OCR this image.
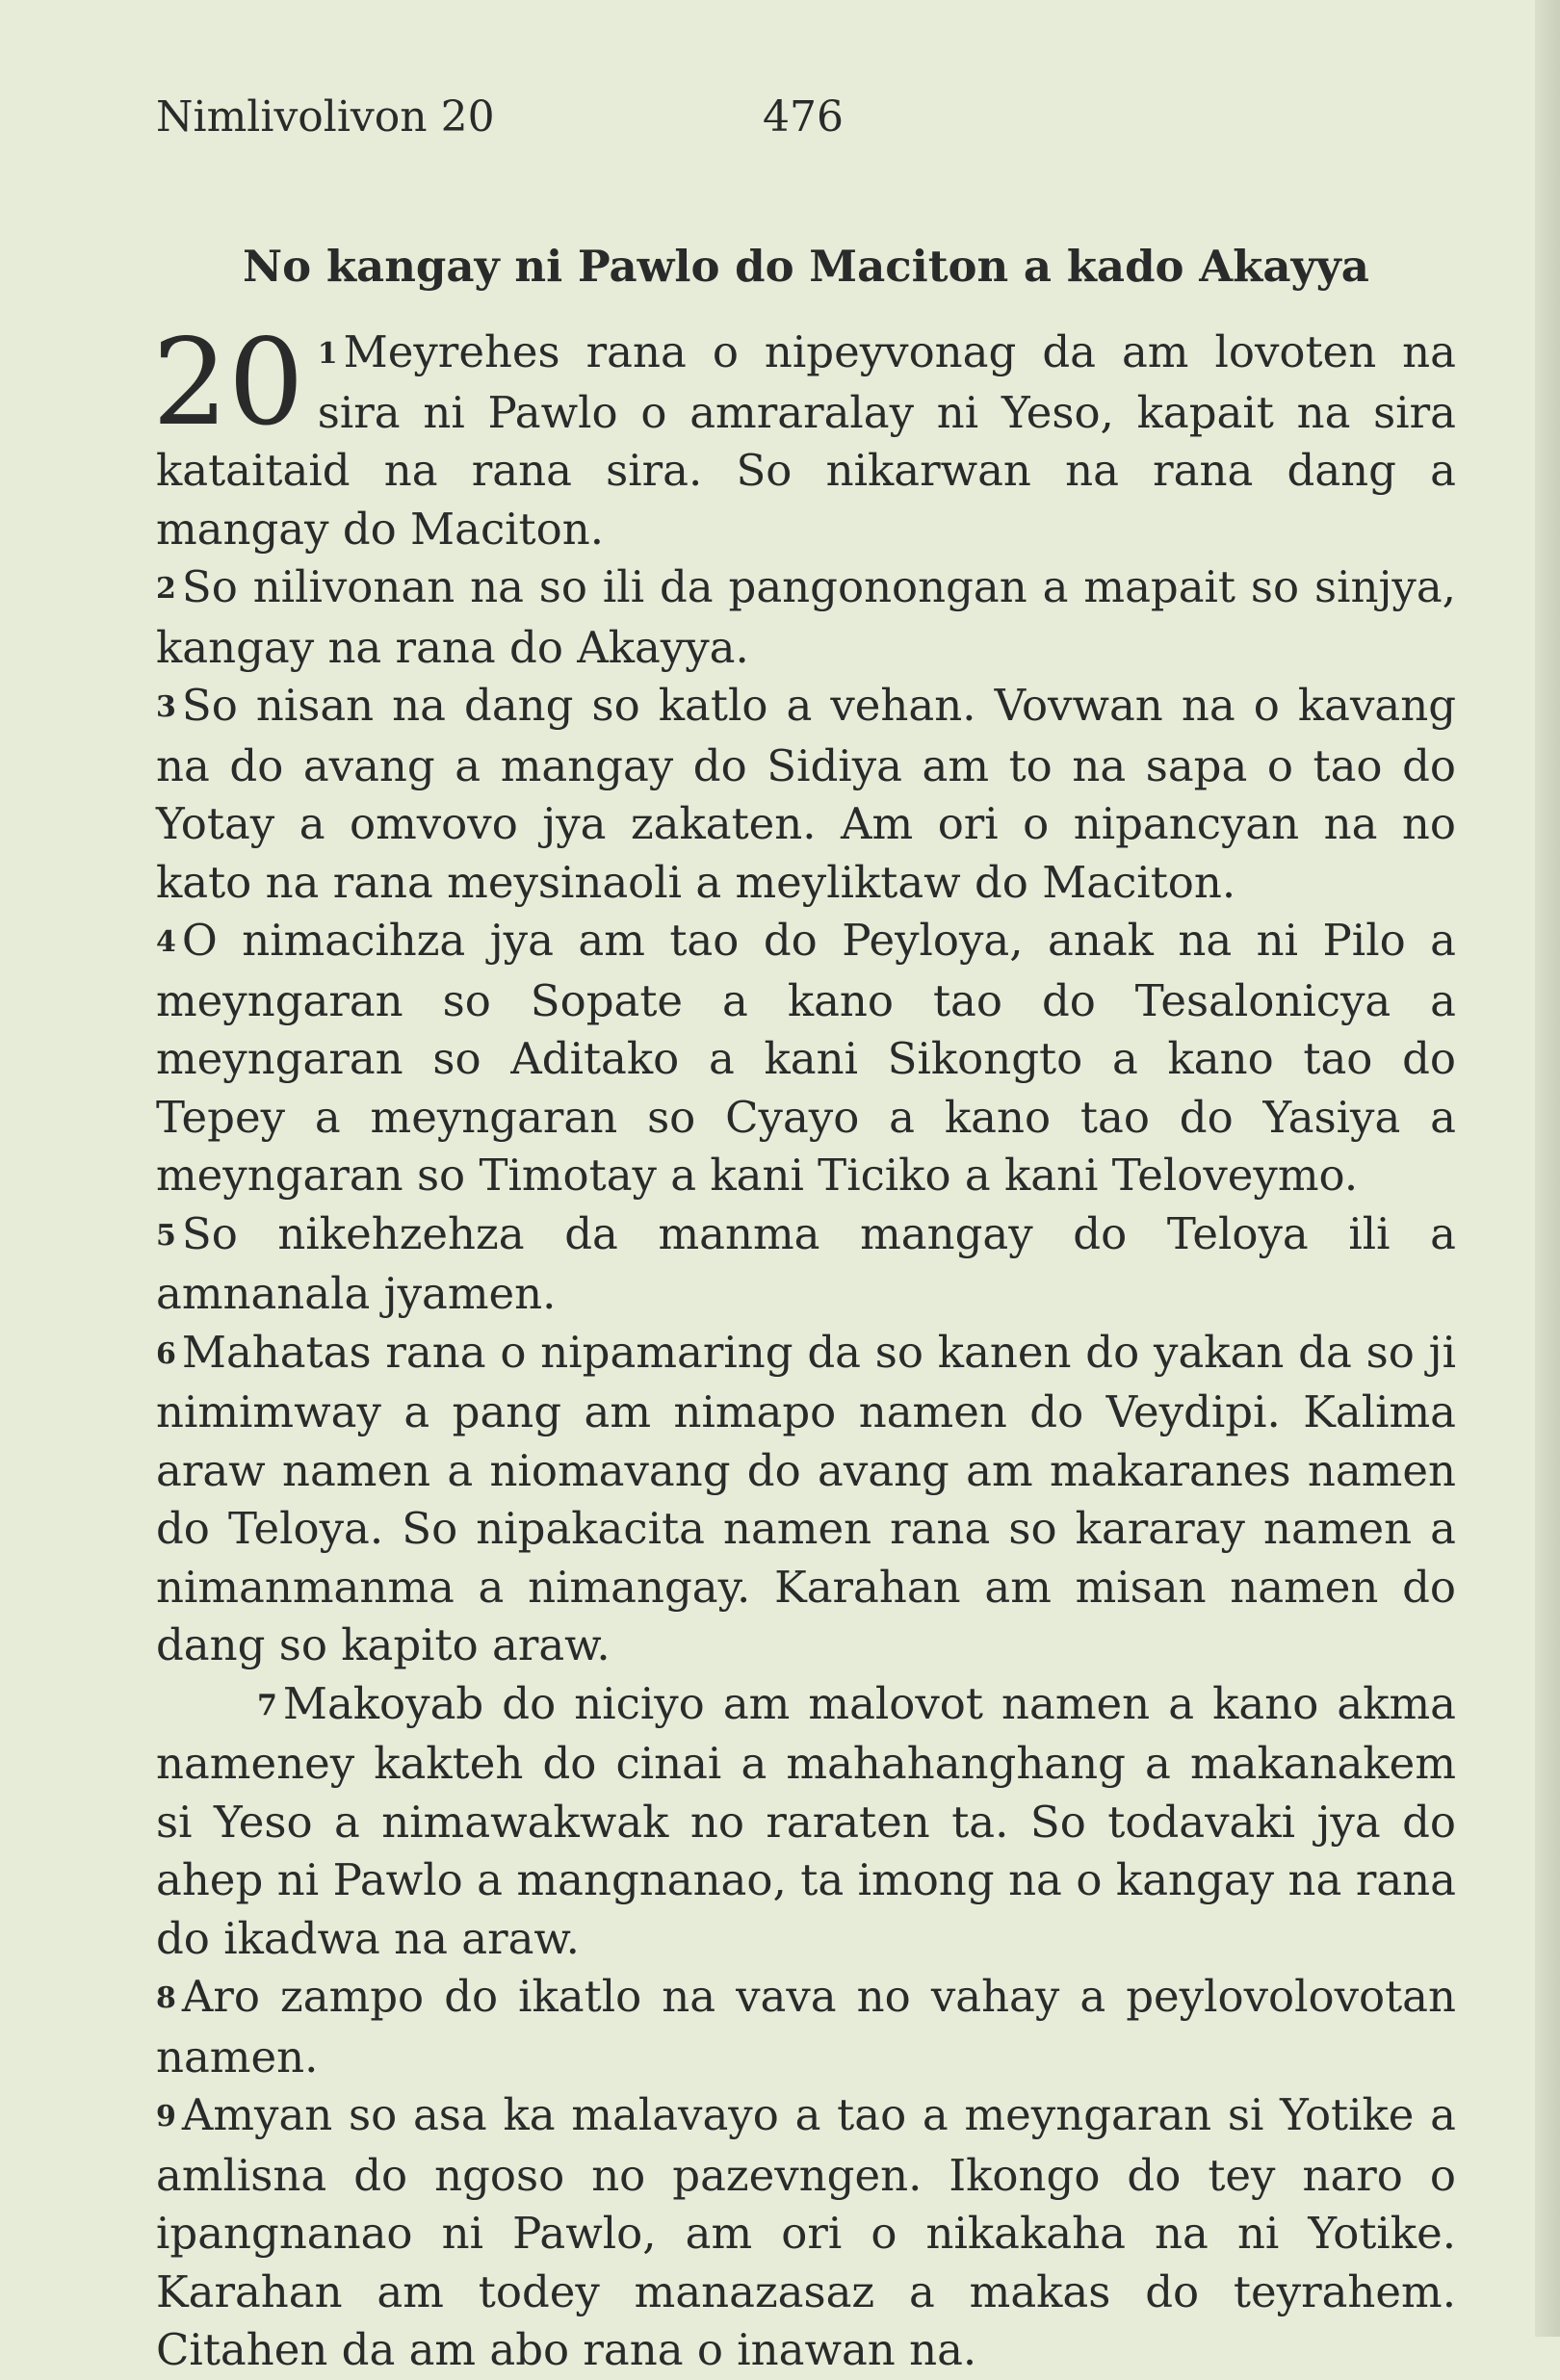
Nimlivolivon 20	476
No kangay ni Pawlo do Maciton a kado Akayya

20 1 Meyrehes rana o nipeyvonag da am lovoten na sira ni Pawlo o amraralay ni Yeso, kapait na sira kataitaid na rana sira. So nikarwan na rana dang a mangay do Maciton.

2 So nilivonan na so ili da pangonongan a mapait so sinjya, kangay na rana do Akayya.

3 So nisan na dang so katlo a vehan. Vovwan na o kavang na do avang a mangay do Sidiya am to na sapa o tao do Yotay a omvovo jya zakaten. Am ori o nipancyan na no kato na rana meysinaoli a meyliktaw do Maciton.

4 O nimacihza jya am tao do Peyloya, anak na ni Pilo a meyngaran so Sopate a kano tao do Tesalonicya a meyngaran so Aditako a kani Sikongto a kano tao do Tepey a meyngaran so Cyayo a kano tao do Yasiya a meyngaran so Timotay a kani Ticiko a kani Teloveymo.

5 So nikehzehza da manma mangay do Teloya ili a amnanala jyamen.

6 Mahatas rana o nipamaring da so kanen do yakan da so ji nimimway a pang am nimapo namen do Veydipi. Kalima araw namen a niomavang do avang am makaranes namen do Teloya. So nipakacita namen rana so kararay namen a nimanmanma a nimangay. Karahan am misan namen do dang so kapito araw.

7 Makoyab do niciyo am malovot namen a kano akma nameney kakteh do cinai a mahahanghang a makanakem si Yeso a nimawakwak no raraten ta. So todavaki jya do ahep ni Pawlo a mangnanao, ta imong na o kangay na rana do ikadwa na araw.

8 Aro zampo do ikatlo na vava no vahay a peylovolovotan namen.

9 Amyan so asa ka malavayo a tao a meyngaran si Yotike a amlisna do ngoso no pazevngen. Ikongo do tey naro o ipangnanao ni Pawlo, am ori o nikakaha na ni Yotike. Karahan am todey manazasaz a makas do teyrahem. Citahen da am abo rana o inawan na.
